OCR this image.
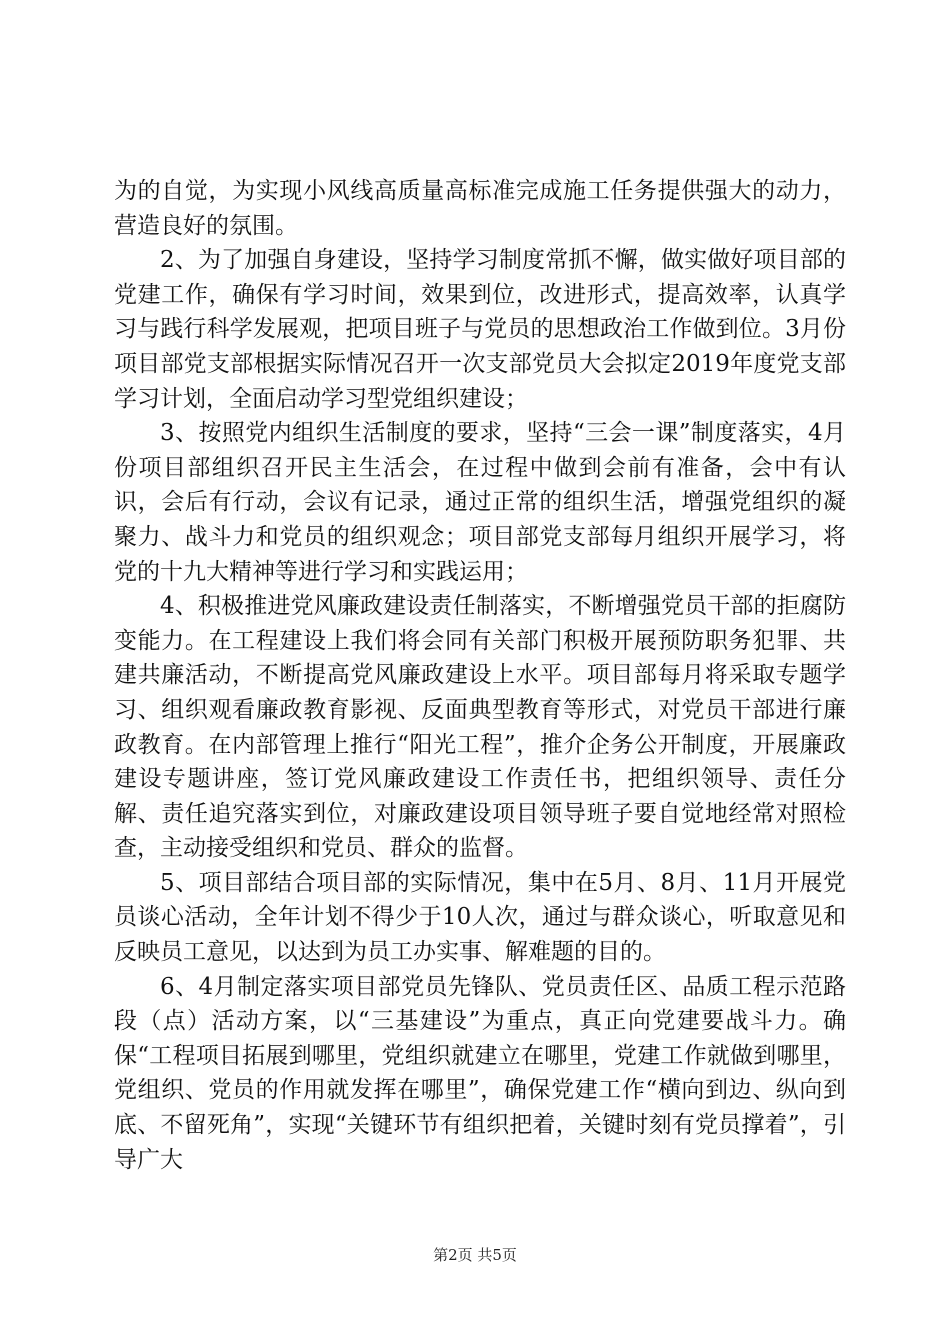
为的自觉，为实现小风线高质量高标准完成施工任务提供强大的动力，营造良好的氛围。

2、为了加强自身建设，坚持学习制度常抓不懈，做实做好项目部的党建工作，确保有学习时间，效果到位，改进形式，提高效率，认真学习与践行科学发展观，把项目班子与党员的思想政治工作做到位。3月份项目部党支部根据实际情况召开一次支部党员大会拟定2019年度党支部学习计划，全面启动学习型党组织建设；

3、按照党内组织生活制度的要求，坚持“三会一课”制度落实，4月份项目部组织召开民主生活会，在过程中做到会前有准备，会中有认识，会后有行动，会议有记录，通过正常的组织生活，增强党组织的凝聚力、战斗力和党员的组织观念；项目部党支部每月组织开展学习，将党的十九大精神等进行学习和实践运用；

4、积极推进党风廉政建设责任制落实，不断增强党员干部的拒腐防变能力。在工程建设上我们将会同有关部门积极开展预防职务犯罪、共建共廉活动，不断提高党风廉政建设上水平。项目部每月将采取专题学习、组织观看廉政教育影视、反面典型教育等形式，对党员干部进行廉政教育。在内部管理上推行“阳光工程”，推介企务公开制度，开展廉政建设专题讲座，签订党风廉政建设工作责任书，把组织领导、责任分解、责任追究落实到位，对廉政建设项目领导班子要自觉地经常对照检查，主动接受组织和党员、群众的监督。

5、项目部结合项目部的实际情况，集中在5月、8月、11月开展党员谈心活动，全年计划不得少于10人次，通过与群众谈心，听取意见和反映员工意见，以达到为员工办实事、解难题的目的。

6、4月制定落实项目部党员先锋队、党员责任区、品质工程示范路段（点）活动方案，以“三基建设”为重点，真正向党建要战斗力。确保“工程项目拓展到哪里，党组织就建立在哪里，党建工作就做到哪里，党组织、党员的作用就发挥在哪里”，确保党建工作“横向到边、纵向到底、不留死角”，实现“关键环节有组织把着，关键时刻有党员撑着”，引导广大

第2页 共5页
